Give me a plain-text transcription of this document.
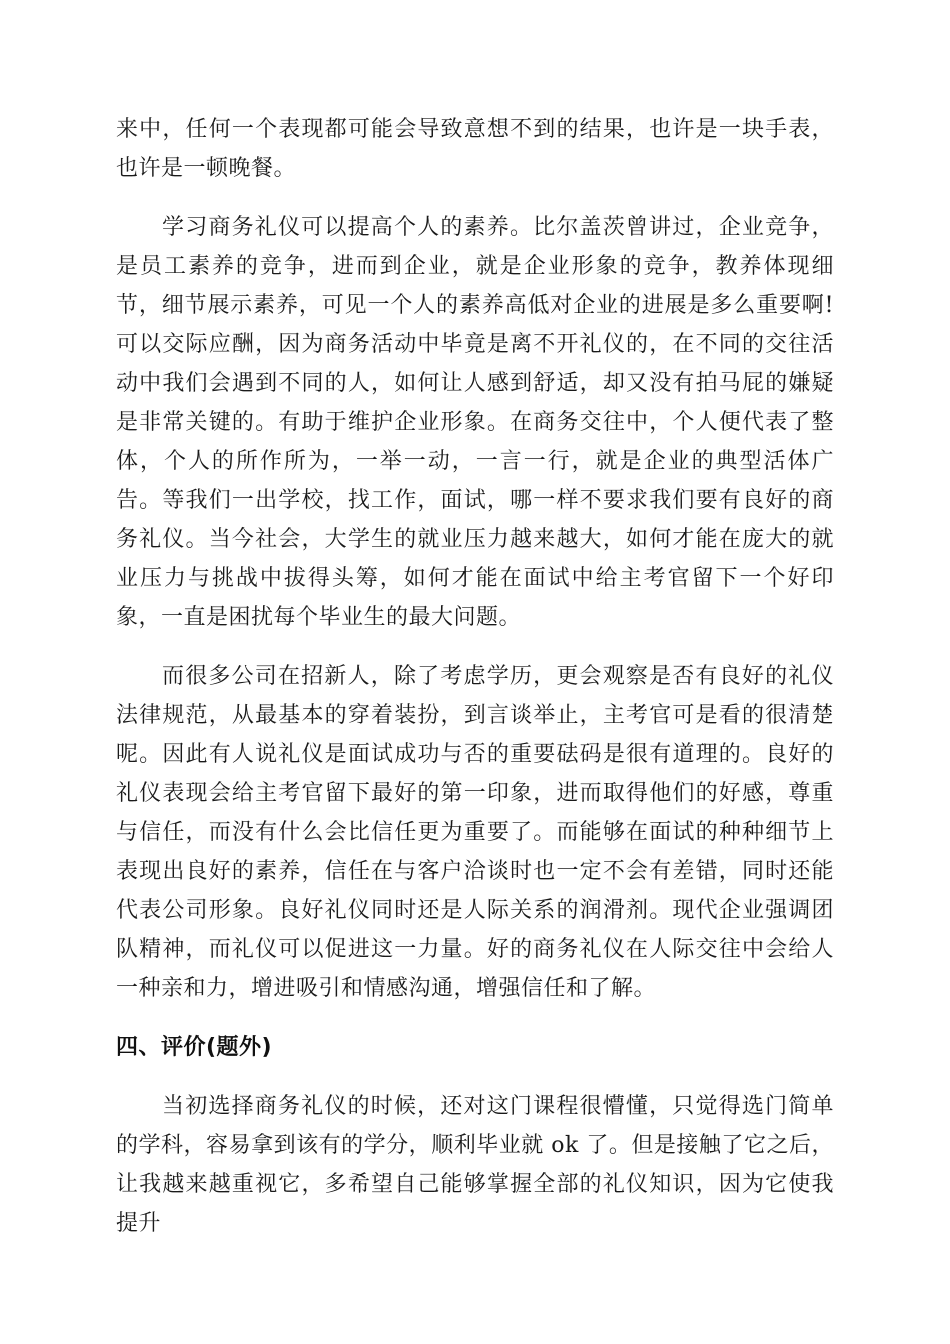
来中，任何一个表现都可能会导致意想不到的结果，也许是一块手表，也许是一顿晚餐。

学习商务礼仪可以提高个人的素养。比尔盖茨曾讲过，企业竞争，是员工素养的竞争，进而到企业，就是企业形象的竞争，教养体现细节，细节展示素养，可见一个人的素养高低对企业的进展是多么重要啊!可以交际应酬，因为商务活动中毕竟是离不开礼仪的，在不同的交往活动中我们会遇到不同的人，如何让人感到舒适，却又没有拍马屁的嫌疑是非常关键的。有助于维护企业形象。在商务交往中，个人便代表了整体，个人的所作所为，一举一动，一言一行，就是企业的典型活体广告。等我们一出学校，找工作，面试，哪一样不要求我们要有良好的商务礼仪。当今社会，大学生的就业压力越来越大，如何才能在庞大的就业压力与挑战中拔得头筹，如何才能在面试中给主考官留下一个好印象，一直是困扰每个毕业生的最大问题。

而很多公司在招新人，除了考虑学历，更会观察是否有良好的礼仪法律规范，从最基本的穿着装扮，到言谈举止，主考官可是看的很清楚呢。因此有人说礼仪是面试成功与否的重要砝码是很有道理的。良好的礼仪表现会给主考官留下最好的第一印象，进而取得他们的好感，尊重与信任，而没有什么会比信任更为重要了。而能够在面试的种种细节上表现出良好的素养，信任在与客户洽谈时也一定不会有差错，同时还能代表公司形象。良好礼仪同时还是人际关系的润滑剂。现代企业强调团队精神，而礼仪可以促进这一力量。好的商务礼仪在人际交往中会给人一种亲和力，增进吸引和情感沟通，增强信任和了解。

四、评价(题外)

当初选择商务礼仪的时候，还对这门课程很懵懂，只觉得选门简单的学科，容易拿到该有的学分，顺利毕业就 ok 了。但是接触了它之后，让我越来越重视它，多希望自己能够掌握全部的礼仪知识，因为它使我提升
